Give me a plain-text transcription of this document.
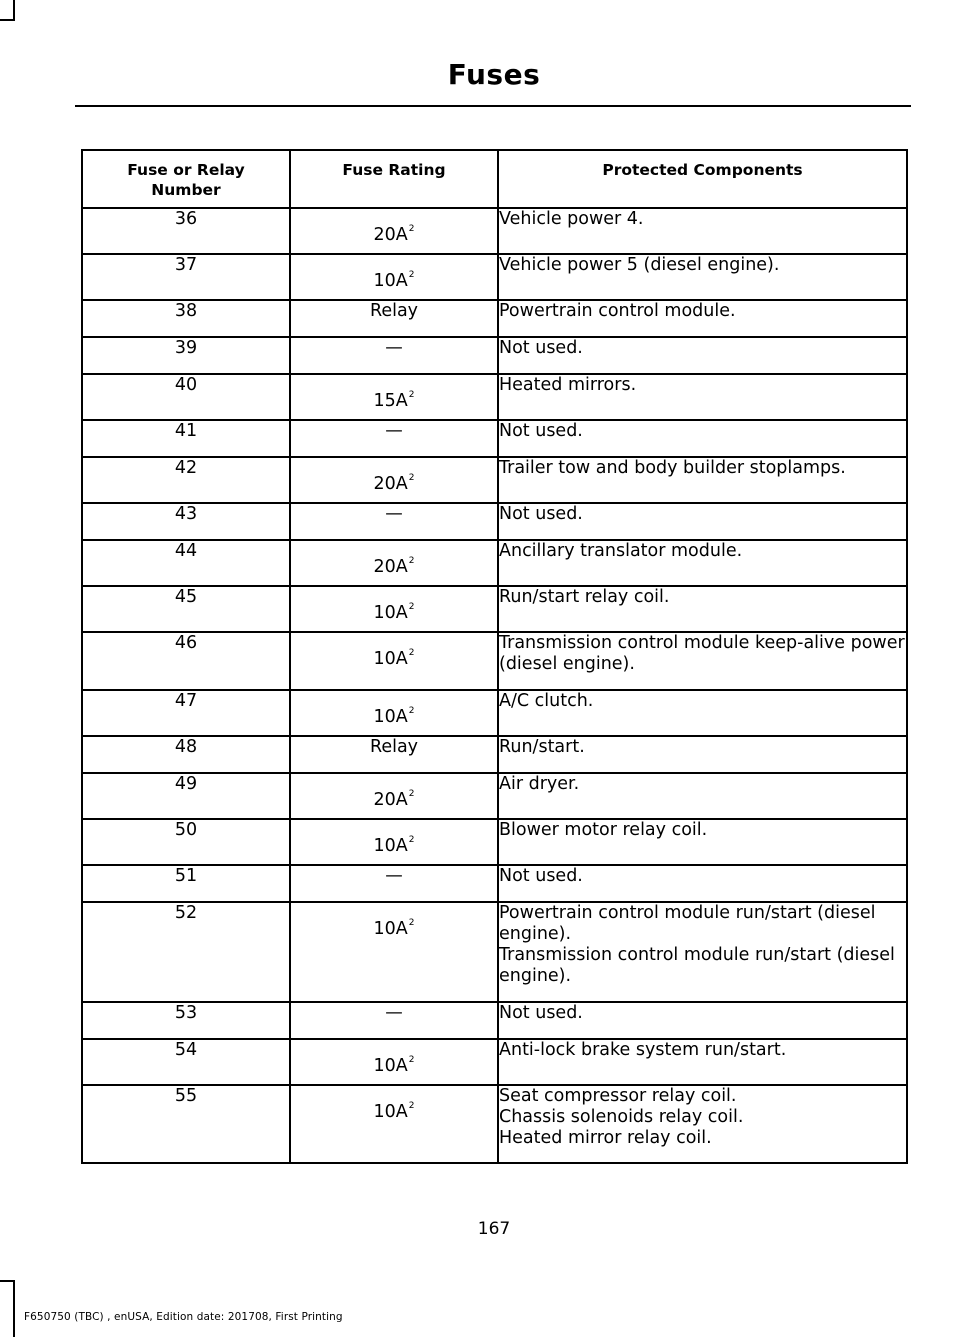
Fuses
Fuse or Relay Number	Fuse Rating	Protected Components
36	$20A^2$	Vehicle power 4.

37	$10A^2$	Vehicle power 5 (diesel engine).

38	Relay	Powertrain control module.

39	—	Not used.

40	$15A^2$	Heated mirrors.

41	—	Not used.

42	$20A^2$	Trailer tow and body builder stoplamps.

43	—	Not used.

44	$20A^2$	Ancillary translator module.

45	$10A^2$	Run/start relay coil.

46	$10A^2$	Transmission control module keep-alive power (diesel engine).

47	$10A^2$	A/C clutch.

48	Relay	Run/start.

49	$20A^2$	Air dryer.

50	$10A^2$	Blower motor relay coil.

51	—	Not used.

52	$10A^2$	Powertrain control module run/start (diesel engine).
Transmission control module run/start (diesel engine).

53	—	Not used.

54	$10A^2$	Anti-lock brake system run/start.

55	$10A^2$	Seat compressor relay coil.
Chassis solenoids relay coil.
Heated mirror relay coil.
167
F650750 (TBC) , enUSA, Edition date: 201708, First Printing
